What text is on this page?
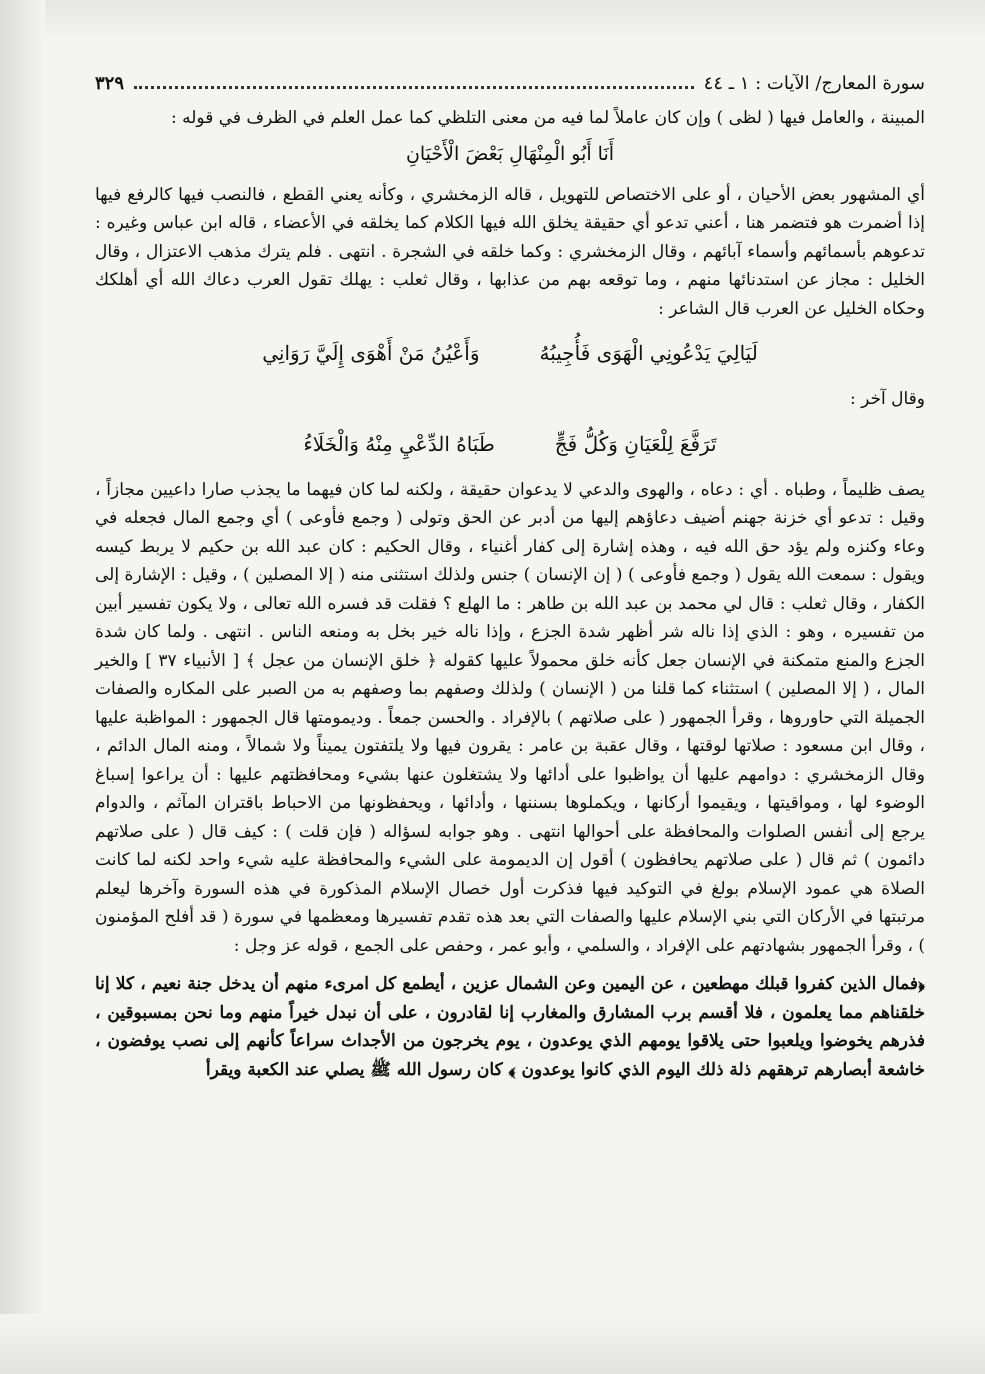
سورة المعارج/ الآيات : ١ ـ ٤٤
٣٢٩

المبينة ، والعامل فيها ( لظى ) وإن كان عاملاً لما فيه من معنى التلظي كما عمل العلم في الظرف في قوله :

أَنَا أَبُو الْمِنْهَالِ بَعْضَ الْأَحْيَانِ

أي المشهور بعض الأحيان ، أو على الاختصاص للتهويل ، قاله الزمخشري ، وكأنه يعني القطع ، فالنصب فيها كالرفع فيها إذا أضمرت هو فتضمر هنا ، أعني تدعو أي حقيقة يخلق الله فيها الكلام كما يخلقه في الأعضاء ، قاله ابن عباس وغيره : تدعوهم بأسمائهم وأسماء آبائهم ، وقال الزمخشري : وكما خلقه في الشجرة . انتهى . فلم يترك مذهب الاعتزال ، وقال الخليل : مجاز عن استدنائها منهم ، وما توقعه بهم من عذابها ، وقال ثعلب : يهلك تقول العرب دعاك الله أي أهلكك وحكاه الخليل عن العرب قال الشاعر :

لَيَالِيَ يَدْعُونِي الْهَوَى فَأُجِيبُهُ
وَأَعْيُنُ مَنْ أَهْوَى إِلَيَّ رَوَانِي

وقال آخر :

تَرَفَّعَ لِلْعَيَانِ وَكُلُّ فَجٍّ
طَبَاهُ الدِّعْيِ مِنْهُ وَالْخَلَاءُ

يصف ظليماً ، وطباه . أي : دعاه ، والهوى والدعي لا يدعوان حقيقة ، ولكنه لما كان فيهما ما يجذب صارا داعيين مجازاً ، وقيل : تدعو أي خزنة جهنم أضيف دعاؤهم إليها من أدبر عن الحق وتولى ( وجمع فأوعى ) أي وجمع المال فجعله في وعاء وكنزه ولم يؤد حق الله فيه ، وهذه إشارة إلى كفار أغنياء ، وقال الحكيم : كان عبد الله بن حكيم لا يربط كيسه ويقول : سمعت الله يقول ( وجمع فأوعى ) ( إن الإنسان ) جنس ولذلك استثنى منه ( إلا المصلين ) ، وقيل : الإشارة إلى الكفار ، وقال ثعلب : قال لي محمد بن عبد الله بن طاهر : ما الهلع ؟ فقلت قد فسره الله تعالى ، ولا يكون تفسير أبين من تفسيره ، وهو : الذي إذا ناله شر أظهر شدة الجزع ، وإذا ناله خير بخل به ومنعه الناس . انتهى . ولما كان شدة الجزع والمنع متمكنة في الإنسان جعل كأنه خلق محمولاً عليها كقوله ﴿ خلق الإنسان من عجل ﴾ [ الأنبياء ٣٧ ] والخير المال ، ( إلا المصلين ) استثناء كما قلنا من ( الإنسان ) ولذلك وصفهم بما وصفهم به من الصبر على المكاره والصفات الجميلة التي حاوروها ، وقرأ الجمهور ( على صلاتهم ) بالإفراد . والحسن جمعاً . وديمومتها قال الجمهور : المواظبة عليها ، وقال ابن مسعود : صلاتها لوقتها ، وقال عقبة بن عامر : يقرون فيها ولا يلتفتون يميناً ولا شمالاً ، ومنه المال الدائم ، وقال الزمخشري : دوامهم عليها أن يواظبوا على أدائها ولا يشتغلون عنها بشيء ومحافظتهم عليها : أن يراعوا إسباغ الوضوء لها ، ومواقيتها ، ويقيموا أركانها ، ويكملوها بسننها ، وأدائها ، ويحفظونها من الاحباط باقتران المآثم ، والدوام يرجع إلى أنفس الصلوات والمحافظة على أحوالها انتهى . وهو جوابه لسؤاله ( فإن قلت ) : كيف قال ( على صلاتهم دائمون ) ثم قال ( على صلاتهم يحافظون ) أقول إن الديمومة على الشيء والمحافظة عليه شيء واحد لكنه لما كانت الصلاة هي عمود الإسلام بولغ في التوكيد فيها فذكرت أول خصال الإسلام المذكورة في هذه السورة وآخرها ليعلم مرتبتها في الأركان التي بني الإسلام عليها والصفات التي بعد هذه تقدم تفسيرها ومعظمها في سورة ( قد أفلح المؤمنون ) ، وقرأ الجمهور بشهادتهم على الإفراد ، والسلمي ، وأبو عمر ، وحفص على الجمع ، قوله عز وجل :

﴿فمال الذين كفروا قبلك مهطعين ، عن اليمين وعن الشمال عزين ، أيطمع كل امرىء منهم أن يدخل جنة نعيم ، كلا إنا خلقناهم مما يعلمون ، فلا أقسم برب المشارق والمغارب إنا لقادرون ، على أن نبدل خيراً منهم وما نحن بمسبوقين ، فذرهم يخوضوا ويلعبوا حتى يلاقوا يومهم الذي يوعدون ، يوم يخرجون من الأجداث سراعاً كأنهم إلى نصب يوفضون ، خاشعة أبصارهم ترهقهم ذلة ذلك اليوم الذي كانوا يوعدون ﴾ كان رسول الله ﷺ يصلي عند الكعبة ويقرأ
